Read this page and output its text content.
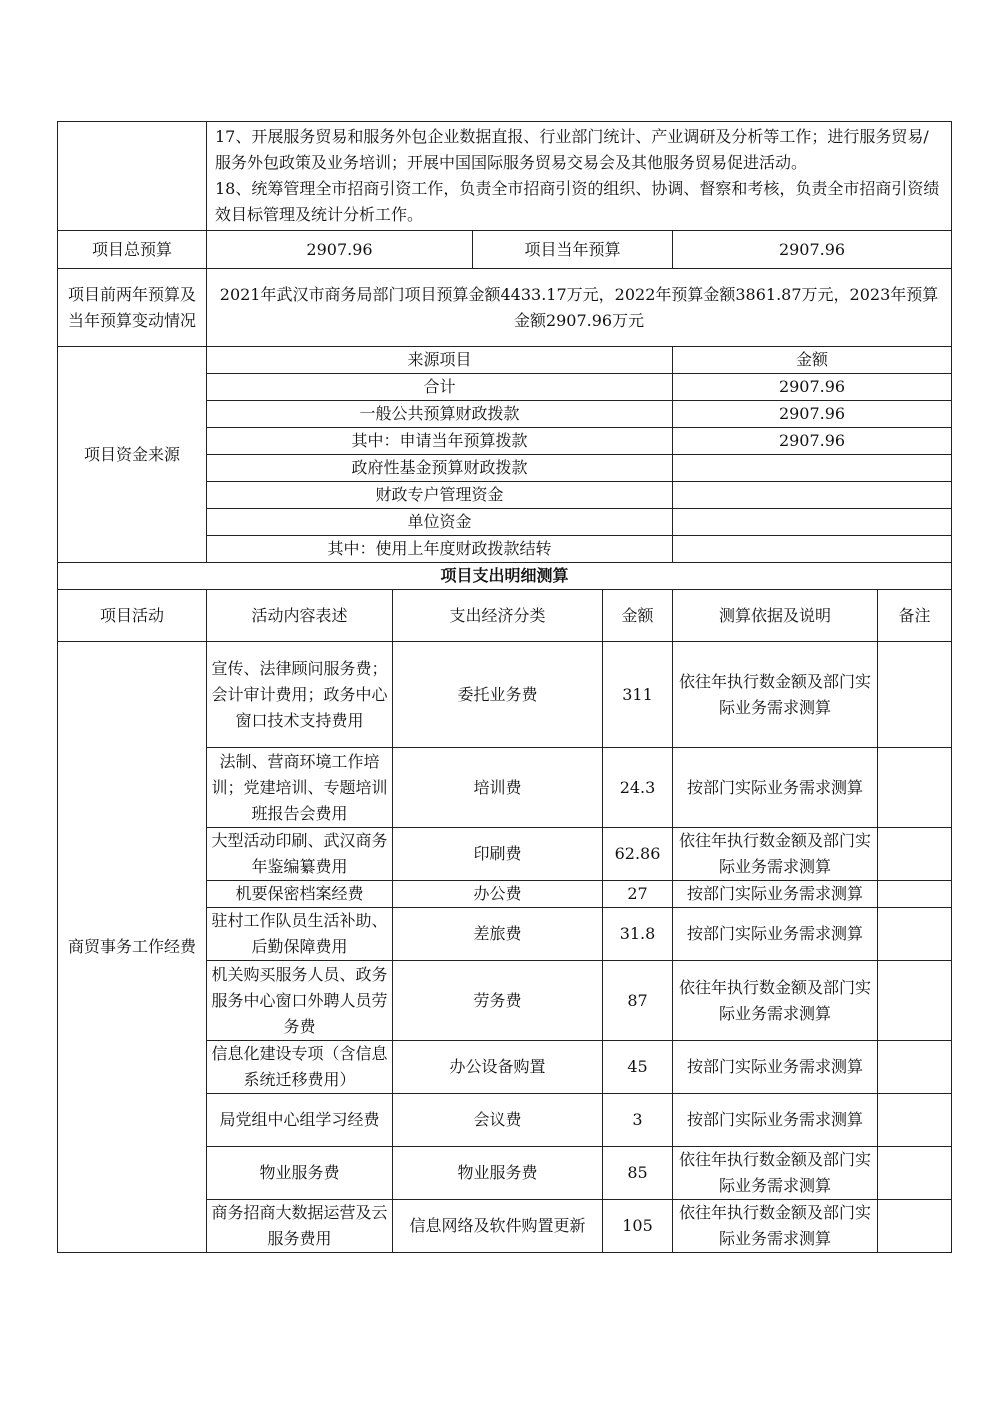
	17、开展服务贸易和服务外包企业数据直报、行业部门统计、产业调研及分析等工作；进行服务贸易/服务外包政策及业务培训；开展中国国际服务贸易交易会及其他服务贸易促进活动。
18、统筹管理全市招商引资工作，负责全市招商引资的组织、协调、督察和考核，负责全市招商引资绩效目标管理及统计分析工作。					

项目总预算	2907.96		项目当年预算		2907.96	
项目前两年预算及当年预算变动情况	2021年武汉市商务局部门项目预算金额4433.17万元，2022年预算金额3861.87万元，2023年预算金额2907.96万元					
项目资金来源	来源项目				金额	
	合计				2907.96	
	一般公共预算财政拨款				2907.96	
	其中：申请当年预算拨款				2907.96	
	政府性基金预算财政拨款					
	财政专户管理资金					
	单位资金					
	其中：使用上年度财政拨款结转					
项目支出明细测算						
项目活动	活动内容表述	支出经济分类		金额	测算依据及说明	备注
商贸事务工作经费	宣传、法律顾问服务费；会计审计费用；政务中心窗口技术支持费用	委托业务费		311	依往年执行数金额及部门实际业务需求测算	
	法制、营商环境工作培训；党建培训、专题培训班报告会费用	培训费		24.3	按部门实际业务需求测算	
	大型活动印刷、武汉商务年鉴编纂费用	印刷费		62.86	依往年执行数金额及部门实际业务需求测算	
	机要保密档案经费	办公费		27	按部门实际业务需求测算	
	驻村工作队员生活补助、后勤保障费用	差旅费		31.8	按部门实际业务需求测算	
	机关购买服务人员、政务服务中心窗口外聘人员劳务费	劳务费		87	依往年执行数金额及部门实际业务需求测算	
	信息化建设专项（含信息系统迁移费用）	办公设备购置		45	按部门实际业务需求测算	
	局党组中心组学习经费	会议费		3	按部门实际业务需求测算	
	物业服务费	物业服务费		85	依往年执行数金额及部门实际业务需求测算	
	商务招商大数据运营及云服务费用	信息网络及软件购置更新		105	依往年执行数金额及部门实际业务需求测算	
